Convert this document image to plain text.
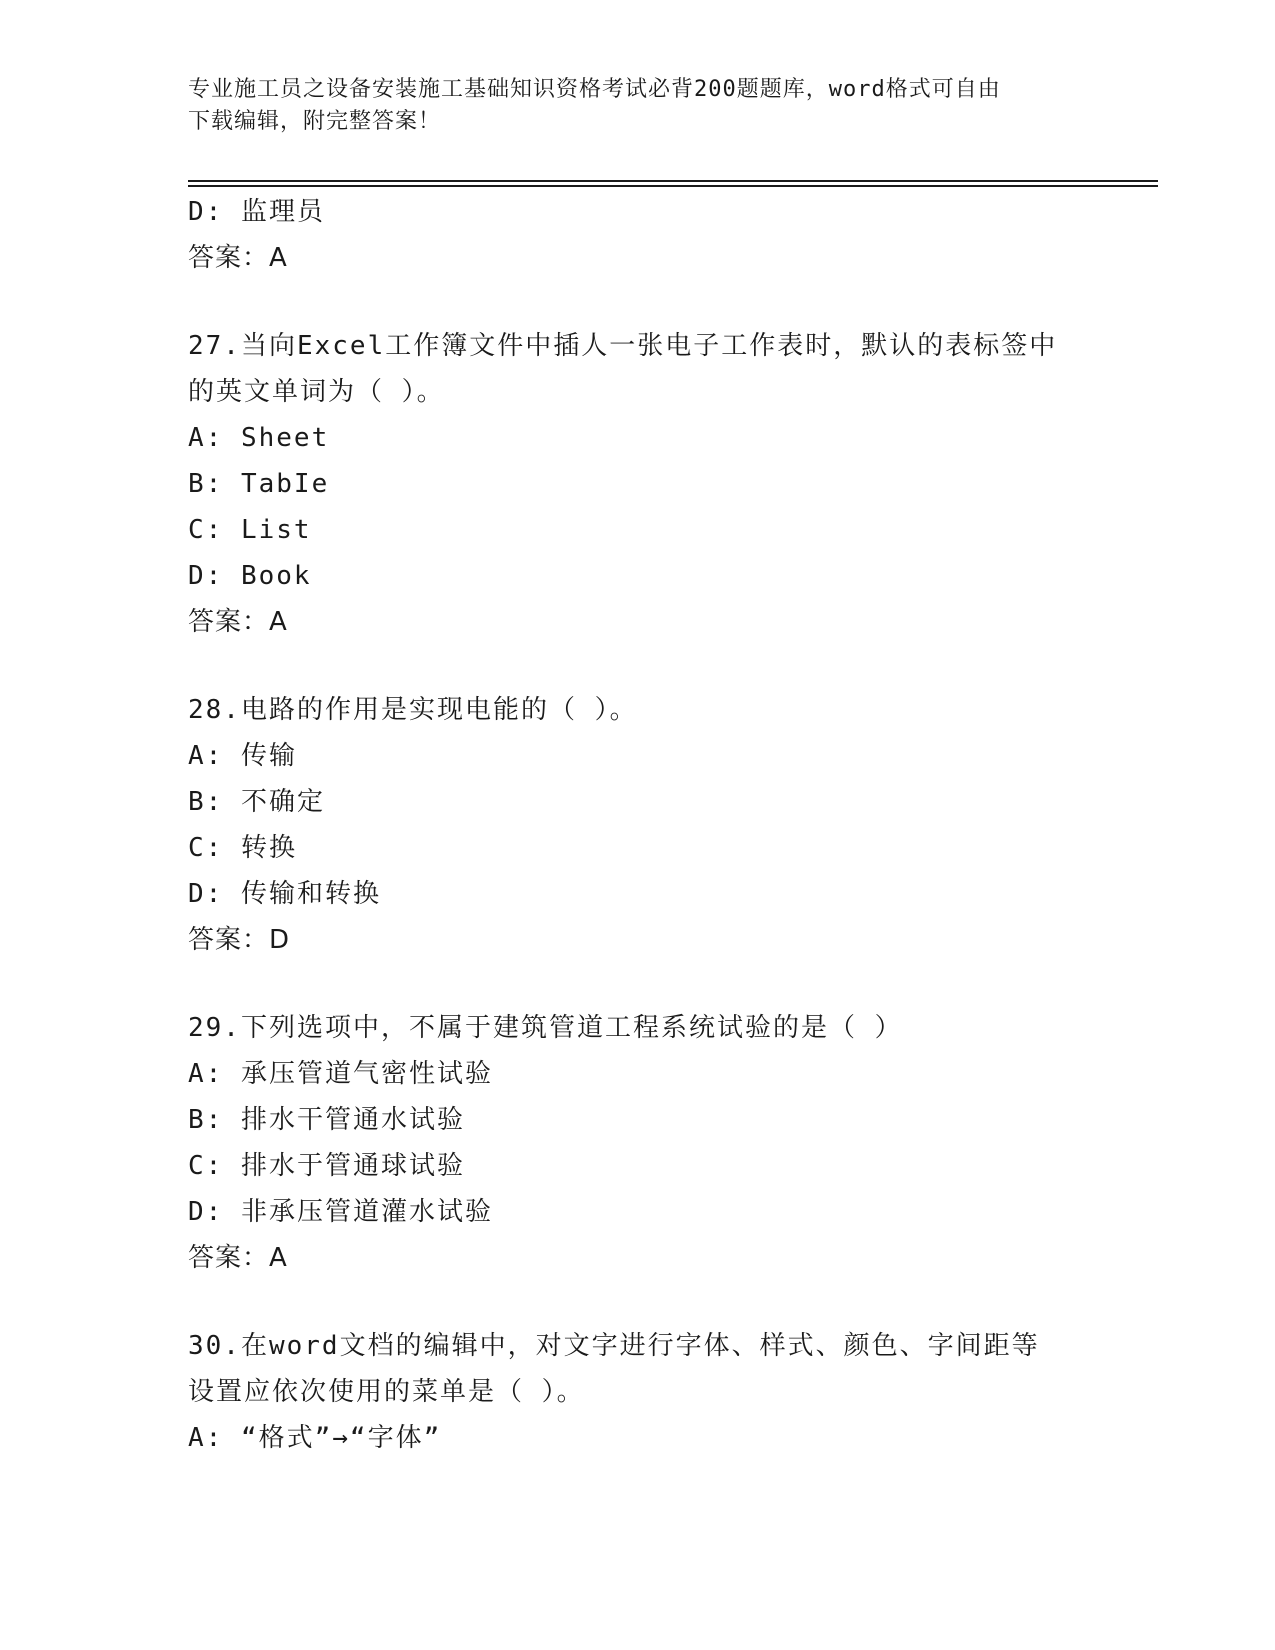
专业施工员之设备安装施工基础知识资格考试必背200题题库，word格式可自由
下载编辑，附完整答案！
D: 监理员
答案：A
27.当向Excel工作簿文件中插人一张电子工作表时，默认的表标签中
的英文单词为（ ）。
A: Sheet
B: TabIe
C: List
D: Book
答案：A
28.电路的作用是实现电能的（ ）。
A: 传输
B: 不确定
C: 转换
D: 传输和转换
答案：D
29.下列选项中，不属于建筑管道工程系统试验的是（ ）
A: 承压管道气密性试验
B: 排水干管通水试验
C: 排水于管通球试验
D: 非承压管道灌水试验
答案：A
30.在word文档的编辑中，对文字进行字体、样式、颜色、字间距等
设置应依次使用的菜单是（ ）。
A: “格式”→“字体”
